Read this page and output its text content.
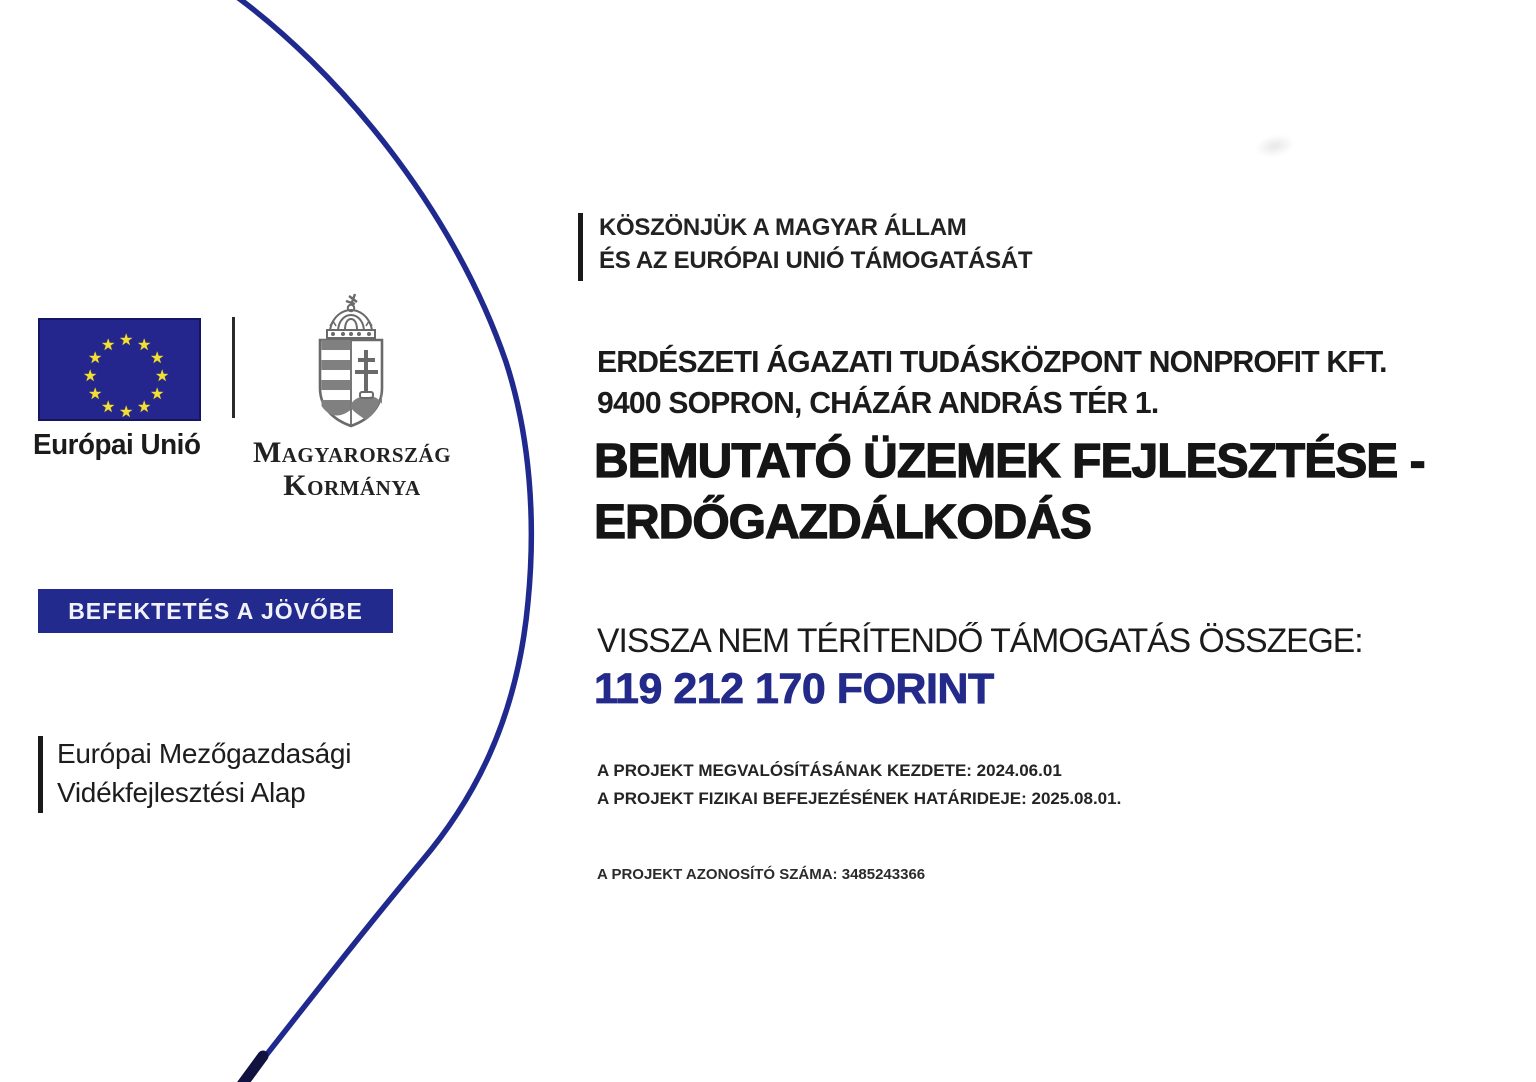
★ ★
★
★
★
★
★
★
★
★
★
★
Európai Unió	Magyarország
Kormánya
BEFEKTETÉS A JÖVŐBE
Európai Mezőgazdasági
Vidékfejlesztési Alap
KÖSZÖNJÜK A MAGYAR ÁLLAM
ÉS AZ EURÓPAI UNIÓ TÁMOGATÁSÁT
ERDÉSZETI ÁGAZATI TUDÁSKÖZPONT NONPROFIT KFT.
9400 SOPRON, CHÁZÁR ANDRÁS TÉR 1.
BEMUTATÓ ÜZEMEK FEJLESZTÉSE -
ERDŐGAZDÁLKODÁS
VISSZA NEM TÉRÍTENDŐ TÁMOGATÁS ÖSSZEGE:
119 212 170 FORINT
A PROJEKT MEGVALÓSÍTÁSÁNAK KEZDETE: 2024.06.01
A PROJEKT FIZIKAI BEFEJEZÉSÉNEK HATÁRIDEJE: 2025.08.01.
A PROJEKT AZONOSÍTÓ SZÁMA: 3485243366
